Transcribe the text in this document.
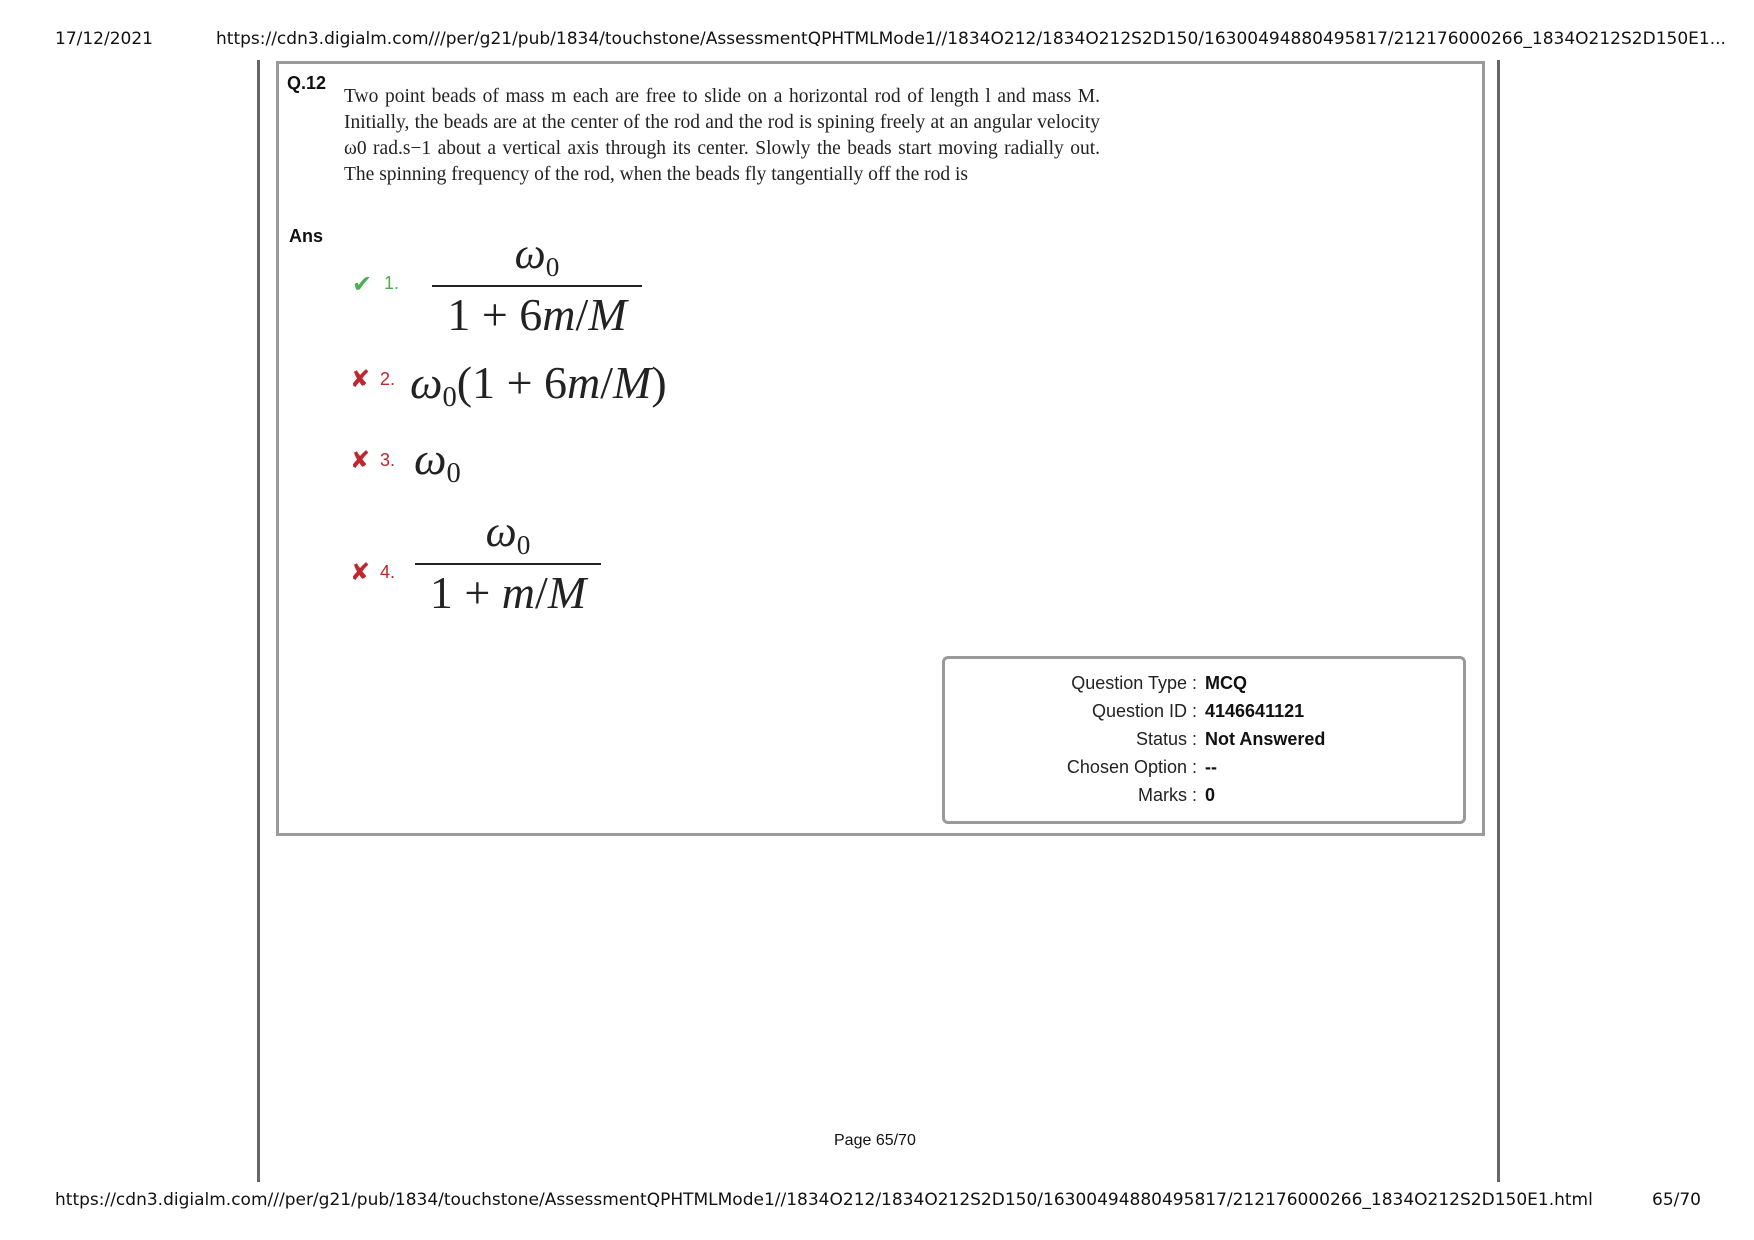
17/12/2021	https://cdn3.digialm.com///per/g21/pub/1834/touchstone/AssessmentQPHTMLMode1//1834O212/1834O212S2D150/16300494880495817/212176000266_1834O212S2D150E1...
Q.12
Two point beads of mass m each are free to slide on a horizontal rod of length l and mass M. Initially, the beads are at the center of the rod and the rod is spining freely at an angular velocity ω0 rad.s−1 about a vertical axis through its center. Slowly the beads start moving radially out. The spinning frequency of the rod, when the beads fly tangentially off the rod is
Ans
✔ 1.
ω0
1 + 6m/M
✘ 2. ω0(1 + 6m/M)
✘ 3. ω0
✘ 4.
ω0
1 + m/M
Question Type : MCQ
Question ID : 4146641121
Status : Not Answered
Chosen Option : --
Marks : 0
Page 65/70
https://cdn3.digialm.com///per/g21/pub/1834/touchstone/AssessmentQPHTMLMode1//1834O212/1834O212S2D150/16300494880495817/212176000266_1834O212S2D150E1.html	65/70
